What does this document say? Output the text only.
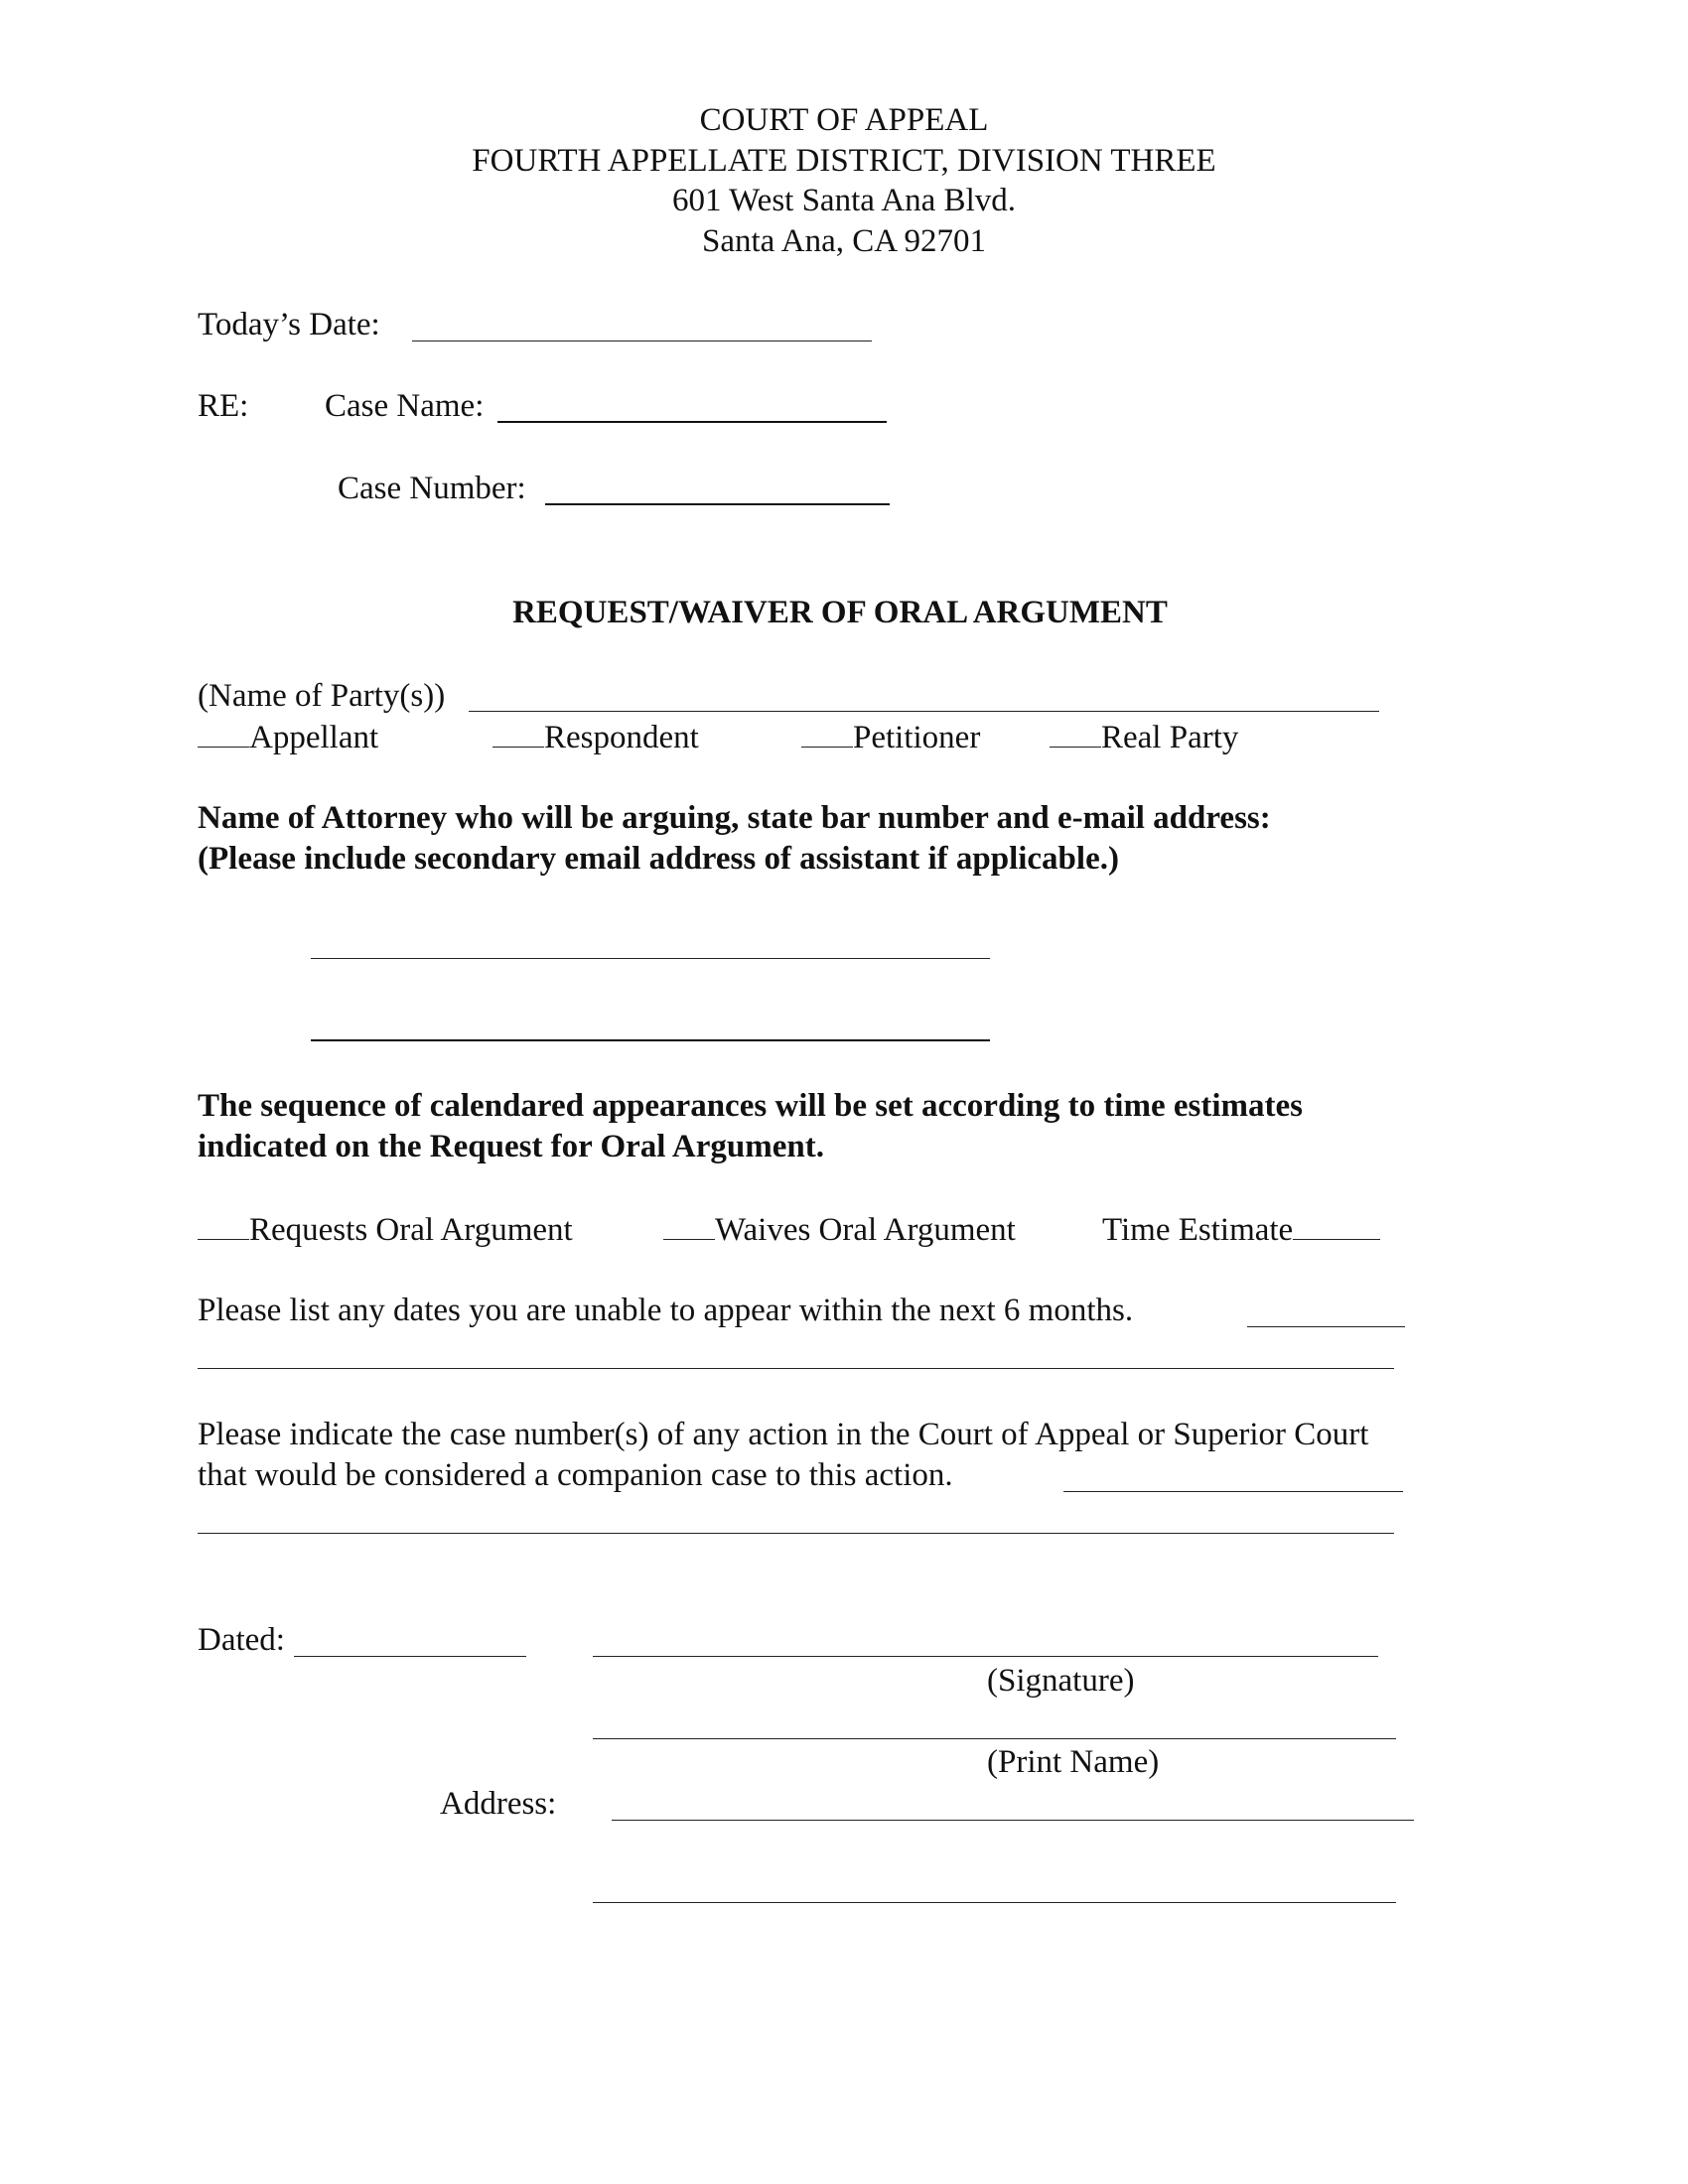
COURT OF APPEAL
FOURTH APPELLATE DISTRICT, DIVISION THREE
601 West Santa Ana Blvd.
Santa Ana, CA 92701
Today’s Date:
RE: Case Name:
Case Number:
REQUEST/WAIVER OF ORAL ARGUMENT
(Name of Party(s))
Appellant	Respondent	Petitioner	Real Party
Name of Attorney who will be arguing, state bar number and e-mail address:
(Please include secondary email address of assistant if applicable.)
The sequence of calendared appearances will be set according to time estimates
indicated on the Request for Oral Argument.
Requests Oral Argument	Waives Oral Argument	Time Estimate
Please list any dates you are unable to appear within the next 6 months.
Please indicate the case number(s) of any action in the Court of Appeal or Superior Court
that would be considered a companion case to this action.
Dated:
(Signature)
(Print Name)
Address:
